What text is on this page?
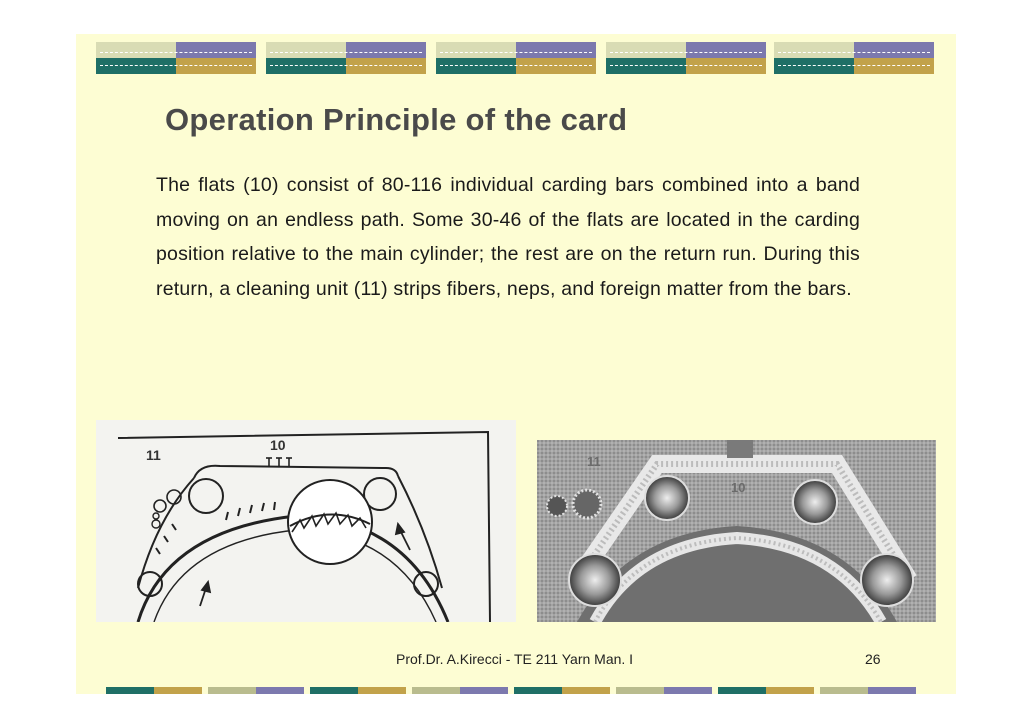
Operation Principle of the card

The flats (10) consist of 80-116 individual carding bars combined into a band moving on an endless path. Some 30-46 of the flats are located in the carding position relative to the main cylinder; the rest are on the return run. During this return, a cleaning unit (11) strips fibers, neps, and foreign matter from the bars.

10
11	11
10
Prof.Dr. A.Kirecci - TE 211 Yarn Man. I	26
